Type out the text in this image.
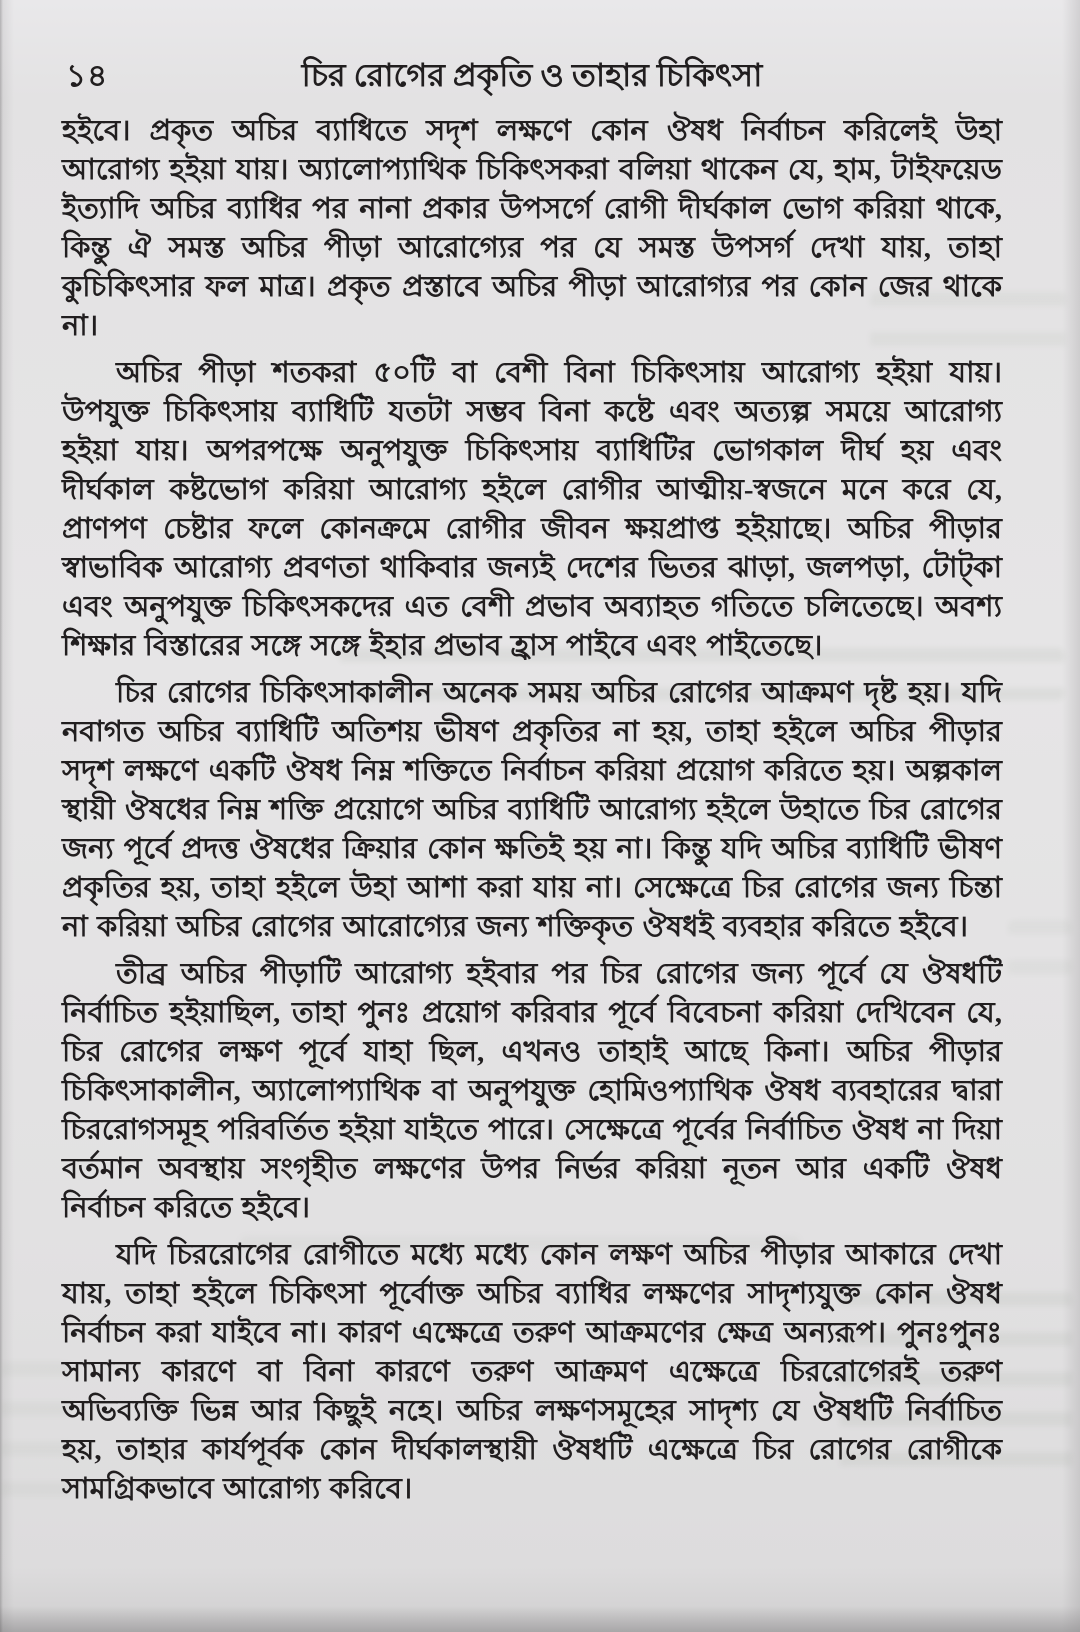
১৪	চির রোগের প্রকৃতি ও তাহার চিকিৎসা

হইবে। প্রকৃত অচির ব্যাধিতে সদৃশ লক্ষণে কোন ঔষধ নির্বাচন করিলেই উহা আরোগ্য হইয়া যায়। অ্যালোপ্যাথিক চিকিৎসকরা বলিয়া থাকেন যে, হাম, টাইফয়েড ইত্যাদি অচির ব্যাধির পর নানা প্রকার উপসর্গে রোগী দীর্ঘকাল ভোগ করিয়া থাকে, কিন্তু ঐ সমস্ত অচির পীড়া আরোগ্যের পর যে সমস্ত উপসর্গ দেখা যায়, তাহা কুচিকিৎসার ফল মাত্র। প্রকৃত প্রস্তাবে অচির পীড়া আরোগ্যর পর কোন জের থাকে না।

অচির পীড়া শতকরা ৫০টি বা বেশী বিনা চিকিৎসায় আরোগ্য হইয়া যায়। উপযুক্ত চিকিৎসায় ব্যাধিটি যতটা সম্ভব বিনা কষ্টে এবং অত্যল্প সময়ে আরোগ্য হইয়া যায়। অপরপক্ষে অনুপযুক্ত চিকিৎসায় ব্যাধিটির ভোগকাল দীর্ঘ হয় এবং দীর্ঘকাল কষ্টভোগ করিয়া আরোগ্য হইলে রোগীর আত্মীয়-স্বজনে মনে করে যে, প্রাণপণ চেষ্টার ফলে কোনক্রমে রোগীর জীবন ক্ষয়প্রাপ্ত হইয়াছে। অচির পীড়ার স্বাভাবিক আরোগ্য প্রবণতা থাকিবার জন্যই দেশের ভিতর ঝাড়া, জলপড়া, টোট্‌কা এবং অনুপযুক্ত চিকিৎসকদের এত বেশী প্রভাব অব্যাহত গতিতে চলিতেছে। অবশ্য শিক্ষার বিস্তারের সঙ্গে সঙ্গে ইহার প্রভাব হ্রাস পাইবে এবং পাইতেছে।

চির রোগের চিকিৎসাকালীন অনেক সময় অচির রোগের আক্রমণ দৃষ্ট হয়। যদি নবাগত অচির ব্যাধিটি অতিশয় ভীষণ প্রকৃতির না হয়, তাহা হইলে অচির পীড়ার সদৃশ লক্ষণে একটি ঔষধ নিম্ন শক্তিতে নির্বাচন করিয়া প্রয়োগ করিতে হয়। অল্পকাল স্থায়ী ঔষধের নিম্ন শক্তি প্রয়োগে অচির ব্যাধিটি আরোগ্য হইলে উহাতে চির রোগের জন্য পূর্বে প্রদত্ত ঔষধের ক্রিয়ার কোন ক্ষতিই হয় না। কিন্তু যদি অচির ব্যাধিটি ভীষণ প্রকৃতির হয়, তাহা হইলে উহা আশা করা যায় না। সেক্ষেত্রে চির রোগের জন্য চিন্তা না করিয়া অচির রোগের আরোগ্যের জন্য শক্তিকৃত ঔষধই ব্যবহার করিতে হইবে।

তীব্র অচির পীড়াটি আরোগ্য হইবার পর চির রোগের জন্য পূর্বে যে ঔষধটি নির্বাচিত হইয়াছিল, তাহা পুনঃ প্রয়োগ করিবার পূর্বে বিবেচনা করিয়া দেখিবেন যে, চির রোগের লক্ষণ পূর্বে যাহা ছিল, এখনও তাহাই আছে কিনা। অচির পীড়ার চিকিৎসাকালীন, অ্যালোপ্যাথিক বা অনুপযুক্ত হোমিওপ্যাথিক ঔষধ ব্যবহারের দ্বারা চিররোগসমূহ পরিবর্তিত হইয়া যাইতে পারে। সেক্ষেত্রে পূর্বের নির্বাচিত ঔষধ না দিয়া বর্তমান অবস্থায় সংগৃহীত লক্ষণের উপর নির্ভর করিয়া নূতন আর একটি ঔষধ নির্বাচন করিতে হইবে।

যদি চিররোগের রোগীতে মধ্যে মধ্যে কোন লক্ষণ অচির পীড়ার আকারে দেখা যায়, তাহা হইলে চিকিৎসা পূর্বোক্ত অচির ব্যাধির লক্ষণের সাদৃশ্যযুক্ত কোন ঔষধ নির্বাচন করা যাইবে না। কারণ এক্ষেত্রে তরুণ আক্রমণের ক্ষেত্র অন্যরূপ। পুনঃপুনঃ সামান্য কারণে বা বিনা কারণে তরুণ আক্রমণ এক্ষেত্রে চিররোগেরই তরুণ অভিব্যক্তি ভিন্ন আর কিছুই নহে। অচির লক্ষণসমূহের সাদৃশ্য যে ঔষধটি নির্বাচিত হয়, তাহার কার্যপূর্বক কোন দীর্ঘকালস্থায়ী ঔষধটি এক্ষেত্রে চির রোগের রোগীকে সামগ্রিকভাবে আরোগ্য করিবে।
